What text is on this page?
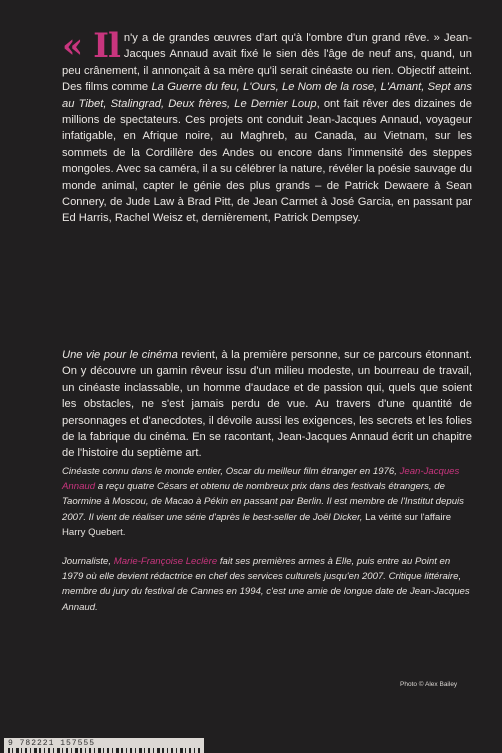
« Il n'y a de grandes œuvres d'art qu'à l'ombre d'un grand rêve. » Jean-Jacques Annaud avait fixé le sien dès l'âge de neuf ans, quand, un peu crânement, il annonçait à sa mère qu'il serait cinéaste ou rien. Objectif atteint. Des films comme La Guerre du feu, L'Ours, Le Nom de la rose, L'Amant, Sept ans au Tibet, Stalingrad, Deux frères, Le Dernier Loup, ont fait rêver des dizaines de millions de spectateurs. Ces projets ont conduit Jean-Jacques Annaud, voyageur infatigable, en Afrique noire, au Maghreb, au Canada, au Vietnam, sur les sommets de la Cordillère des Andes ou encore dans l'immensité des steppes mongoles. Avec sa caméra, il a su célébrer la nature, révéler la poésie sauvage du monde animal, capter le génie des plus grands – de Patrick Dewaere à Sean Connery, de Jude Law à Brad Pitt, de Jean Carmet à José Garcia, en passant par Ed Harris, Rachel Weisz et, dernièrement, Patrick Dempsey.

Une vie pour le cinéma revient, à la première personne, sur ce parcours étonnant. On y découvre un gamin rêveur issu d'un milieu modeste, un bourreau de travail, un cinéaste inclassable, un homme d'audace et de passion qui, quels que soient les obstacles, ne s'est jamais perdu de vue. Au travers d'une quantité de personnages et d'anecdotes, il dévoile aussi les exigences, les secrets et les folies de la fabrique du cinéma. En se racontant, Jean-Jacques Annaud écrit un chapitre de l'histoire du septième art.

Cinéaste connu dans le monde entier, Oscar du meilleur film étranger en 1976, Jean-Jacques Annaud a reçu quatre Césars et obtenu de nombreux prix dans des festivals étrangers, de Taormine à Moscou, de Macao à Pékin en passant par Berlin. Il est membre de l'Institut depuis 2007. Il vient de réaliser une série d'après le best-seller de Joël Dicker, La vérité sur l'affaire Harry Quebert.

Journaliste, Marie-Françoise Leclère fait ses premières armes à Elle, puis entre au Point en 1979 où elle devient rédactrice en chef des services culturels jusqu'en 2007. Critique littéraire, membre du jury du festival de Cannes en 1994, c'est une amie de longue date de Jean-Jacques Annaud.

Photo © Alex Bailey
9 782221 157555
